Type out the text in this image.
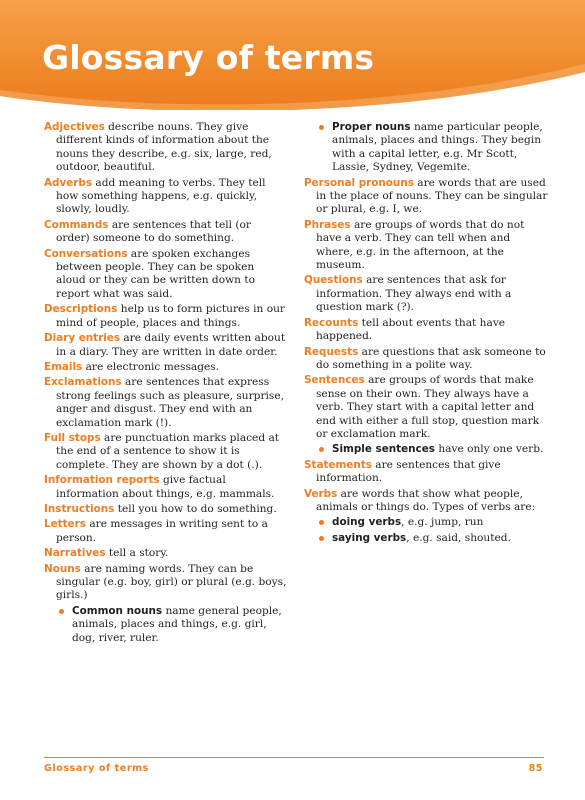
Glossary of terms

Adjectives describe nouns. They give different kinds of information about the nouns they describe, e.g. six, large, red, outdoor, beautiful.

Adverbs add meaning to verbs. They tell how something happens, e.g. quickly, slowly, loudly.

Commands are sentences that tell (or order) someone to do something.

Conversations are spoken exchanges between people. They can be spoken aloud or they can be written down to report what was said.

Descriptions help us to form pictures in our mind of people, places and things.

Diary entries are daily events written about in a diary. They are written in date order.

Emails are electronic messages.

Exclamations are sentences that express strong feelings such as pleasure, surprise, anger and disgust. They end with an exclamation mark (!).

Full stops are punctuation marks placed at the end of a sentence to show it is complete. They are shown by a dot (.).

Information reports give factual information about things, e.g. mammals.

Instructions tell you how to do something.

Letters are messages in writing sent to a person.

Narratives tell a story.

Nouns are naming words. They can be singular (e.g. boy, girl) or plural (e.g. boys, girls.)

Common nouns name general people, animals, places and things, e.g. girl, dog, river, ruler.

Proper nouns name particular people, animals, places and things. They begin with a capital letter, e.g. Mr Scott, Lassie, Sydney, Vegemite.

Personal pronouns are words that are used in the place of nouns. They can be singular or plural, e.g. I, we.

Phrases are groups of words that do not have a verb. They can tell when and where, e.g. in the afternoon, at the museum.

Questions are sentences that ask for information. They always end with a question mark (?).

Recounts tell about events that have happened.

Requests are questions that ask someone to do something in a polite way.

Sentences are groups of words that make sense on their own. They always have a verb. They start with a capital letter and end with either a full stop, question mark or exclamation mark.

Simple sentences have only one verb.

Statements are sentences that give information.

Verbs are words that show what people, animals or things do. Types of verbs are:

doing verbs, e.g. jump, run

saying verbs, e.g. said, shouted.

Glossary of terms	85
